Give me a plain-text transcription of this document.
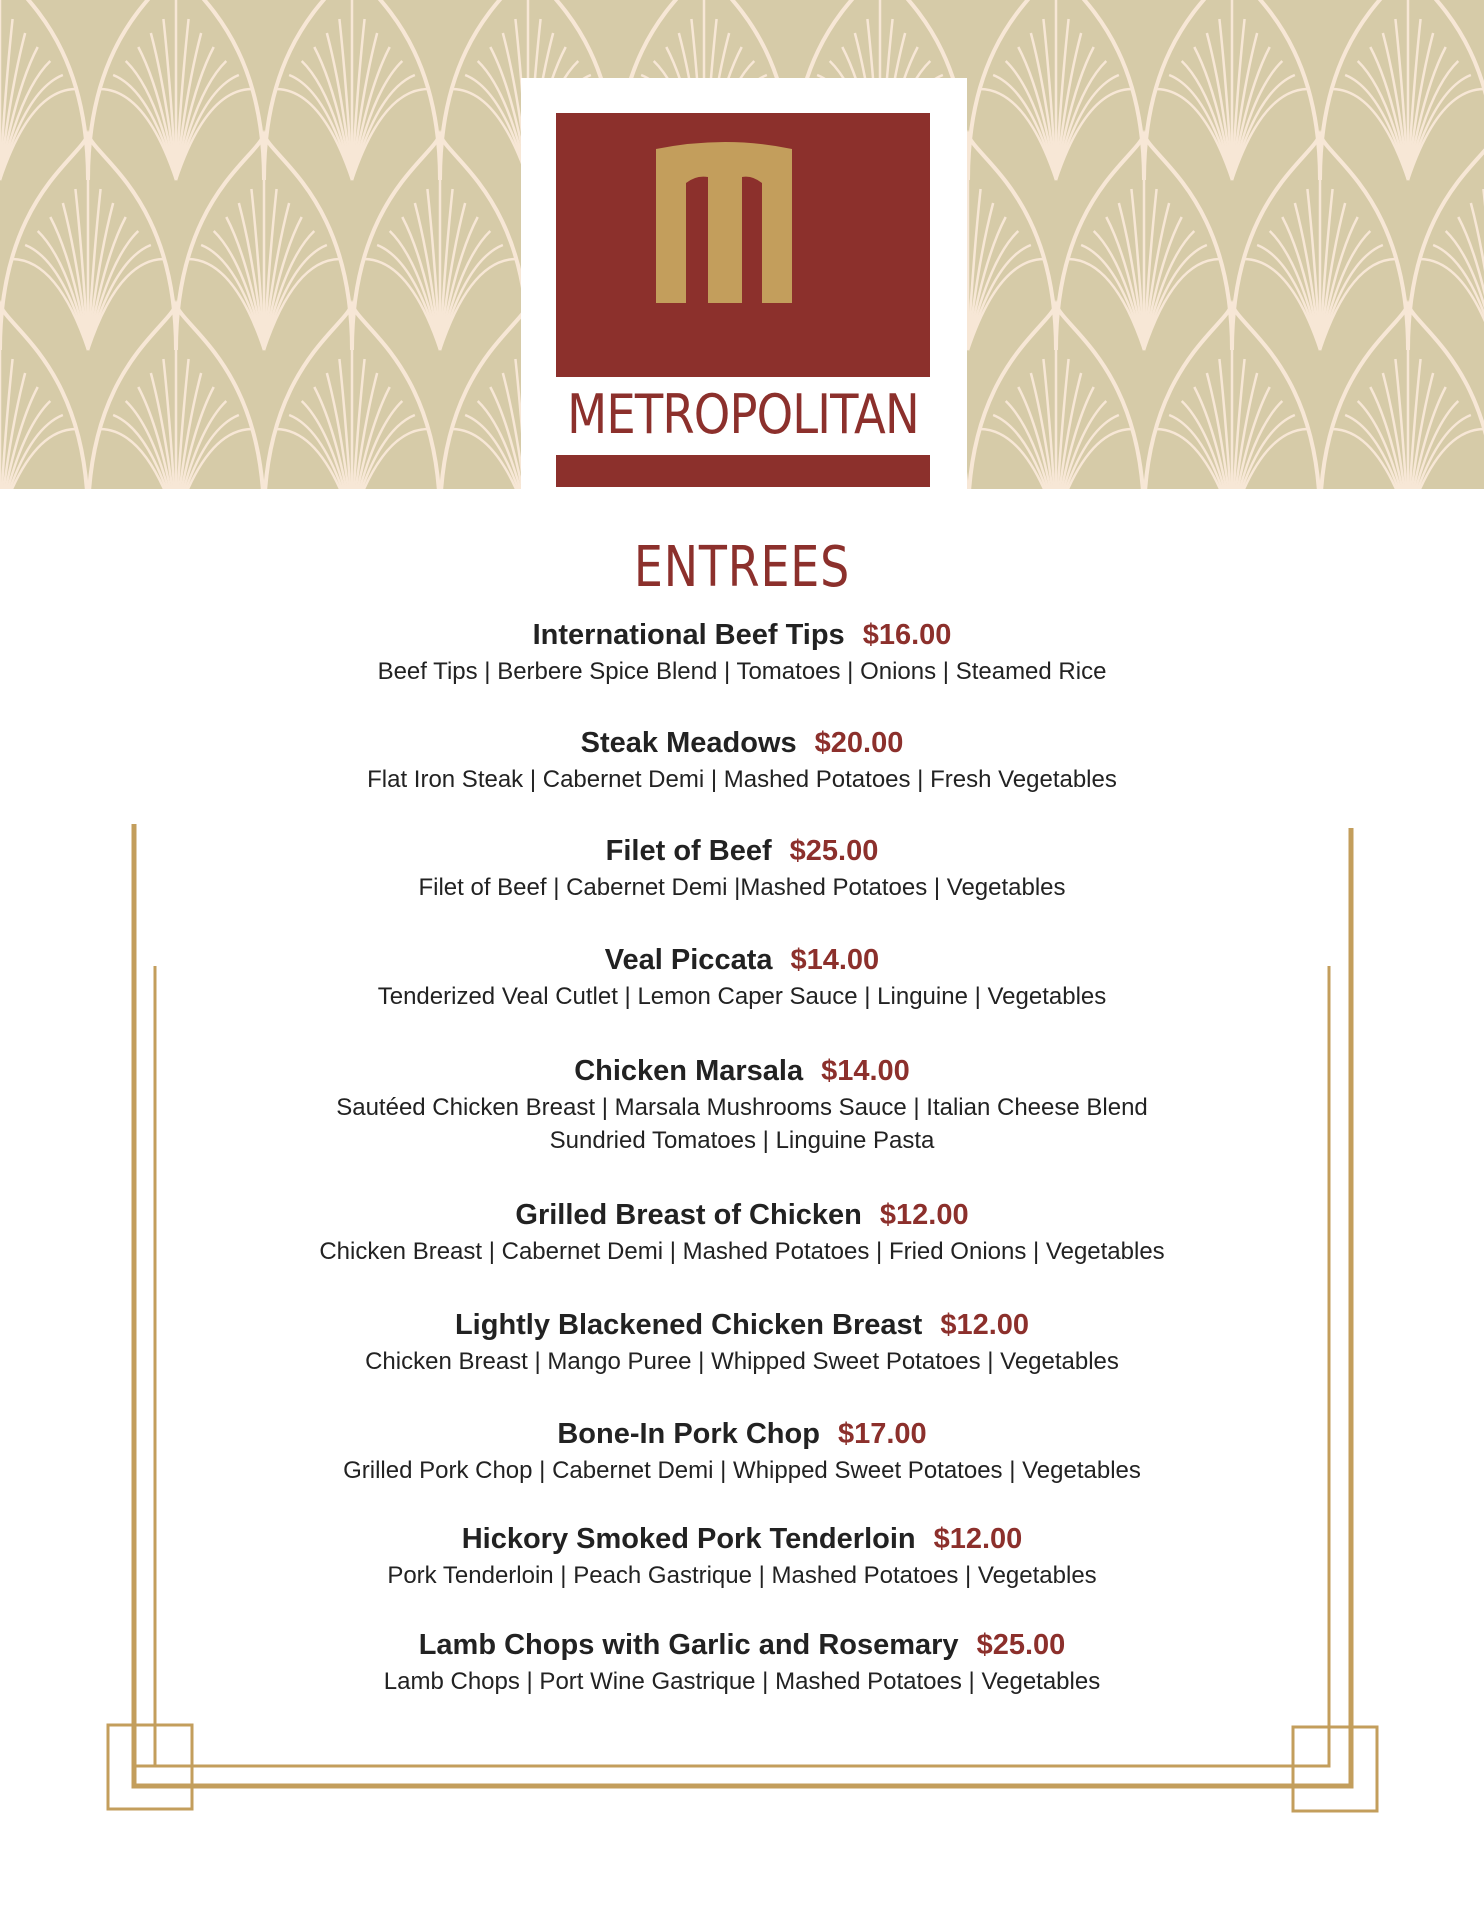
METROPOLITAN
ENTREES
International Beef Tips $16.00
Beef Tips | Berbere Spice Blend | Tomatoes | Onions | Steamed Rice
Steak Meadows $20.00
Flat Iron Steak | Cabernet Demi | Mashed Potatoes | Fresh Vegetables
Filet of Beef $25.00
Filet of Beef | Cabernet Demi |Mashed Potatoes | Vegetables
Veal Piccata $14.00
Tenderized Veal Cutlet | Lemon Caper Sauce | Linguine | Vegetables
Chicken Marsala $14.00
Sautéed Chicken Breast | Marsala Mushrooms Sauce | Italian Cheese Blend
Sundried Tomatoes | Linguine Pasta
Grilled Breast of Chicken $12.00
Chicken Breast | Cabernet Demi | Mashed Potatoes | Fried Onions | Vegetables
Lightly Blackened Chicken Breast $12.00
Chicken Breast | Mango Puree | Whipped Sweet Potatoes | Vegetables
Bone-In Pork Chop $17.00
Grilled Pork Chop | Cabernet Demi | Whipped Sweet Potatoes | Vegetables
Hickory Smoked Pork Tenderloin $12.00
Pork Tenderloin | Peach Gastrique | Mashed Potatoes | Vegetables
Lamb Chops with Garlic and Rosemary $25.00
Lamb Chops | Port Wine Gastrique | Mashed Potatoes | Vegetables
